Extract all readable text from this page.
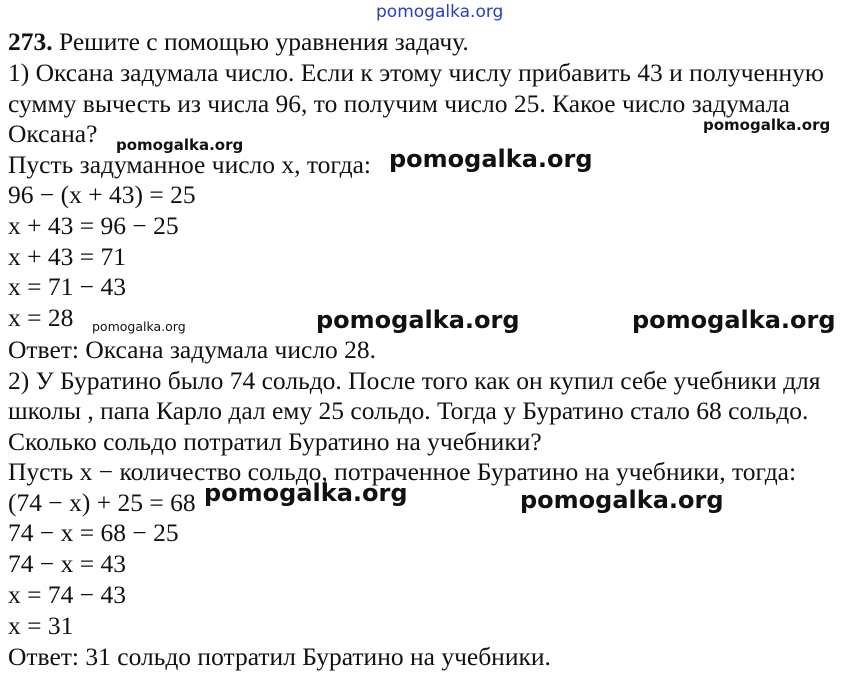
pomogalka.org
273. Решите с помощью уравнения задачу.
1) Оксана задумала число. Если к этому числу прибавить 43 и полученную
сумму вычесть из числа 96, то получим число 25. Какое число задумала
Оксана?
Пусть задуманное число x, тогда:
96 − (x + 43) = 25
x + 43 = 96 − 25
x + 43 = 71
x = 71 − 43
x = 28
Ответ: Оксана задумала число 28.
2) У Буратино было 74 сольдо. После того как он купил себе учебники для
школы , папа Карло дал ему 25 сольдо. Тогда у Буратино стало 68 сольдо.
Сколько сольдо потратил Буратино на учебники?
Пусть x − количество сольдо, потраченное Буратино на учебники, тогда:
(74 − x) + 25 = 68
74 − x = 68 − 25
74 − x = 43
x = 74 − 43
x = 31
Ответ: 31 сольдо потратил Буратино на учебники.
pomogalka.org
pomogalka.org
pomogalka.org
pomogalka.org	pomogalka.org	pomogalka.org
pomogalka.org	pomogalka.org
